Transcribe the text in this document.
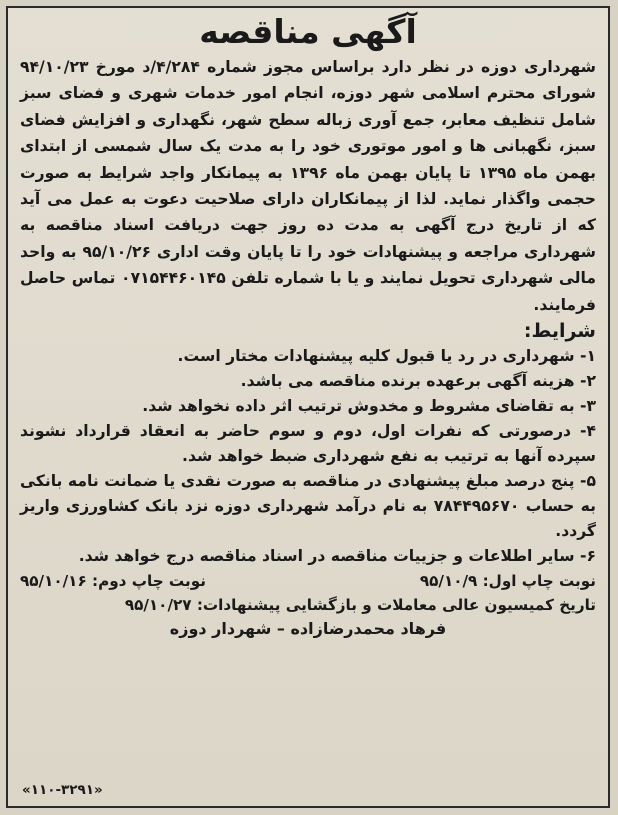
آگهی مناقصه

شهرداری دوزه در نظر دارد براساس مجوز شماره ۴/۲۸۴/د مورخ ۹۴/۱۰/۲۳ شورای محترم اسلامی شهر دوزه، انجام امور خدمات شهری و فضای سبز شامل تنظیف معابر، جمع آوری زباله سطح شهر، نگهداری و افزایش فضای سبز، نگهبانی ها و امور موتوری خود را به مدت یک سال شمسی از ابتدای بهمن ماه ۱۳۹۵ تا پایان بهمن ماه ۱۳۹۶ به پیمانکار واجد شرایط به صورت حجمی واگذار نماید. لذا از پیمانکاران دارای صلاحیت دعوت به عمل می آید که از تاریخ درج آگهی به مدت ده روز جهت دریافت اسناد مناقصه به شهرداری مراجعه و پیشنهادات خود را تا پایان وقت اداری ۹۵/۱۰/۲۶ به واحد مالی شهرداری تحویل نمایند و یا با شماره تلفن ۰۷۱۵۴۴۶۰۱۴۵ تماس حاصل فرمایند.

شرایط:
۱- شهرداری در رد یا قبول کلیه پیشنهادات مختار است.
۲- هزینه آگهی برعهده برنده مناقصه می باشد.
۳- به تقاضای مشروط و مخدوش ترتیب اثر داده نخواهد شد.
۴- درصورتی که نفرات اول، دوم و سوم حاضر به انعقاد قرارداد نشوند سپرده آنها به ترتیب به نفع شهرداری ضبط خواهد شد.
۵- پنج درصد مبلغ پیشنهادی در مناقصه به صورت نقدی یا ضمانت نامه بانکی به حساب ۷۸۴۴۹۵۶۷۰ به نام درآمد شهرداری دوزه نزد بانک کشاورزی واریز گردد.
۶- سایر اطلاعات و جزییات مناقصه در اسناد مناقصه درج خواهد شد.
نوبت چاپ اول: ۹۵/۱۰/۹
نوبت چاپ دوم: ۹۵/۱۰/۱۶
تاریخ کمیسیون عالی معاملات و بازگشایی پیشنهادات: ۹۵/۱۰/۲۷
فرهاد محمدرضازاده – شهردار دوزه
«۱۱۰-۳۲۹۱»
